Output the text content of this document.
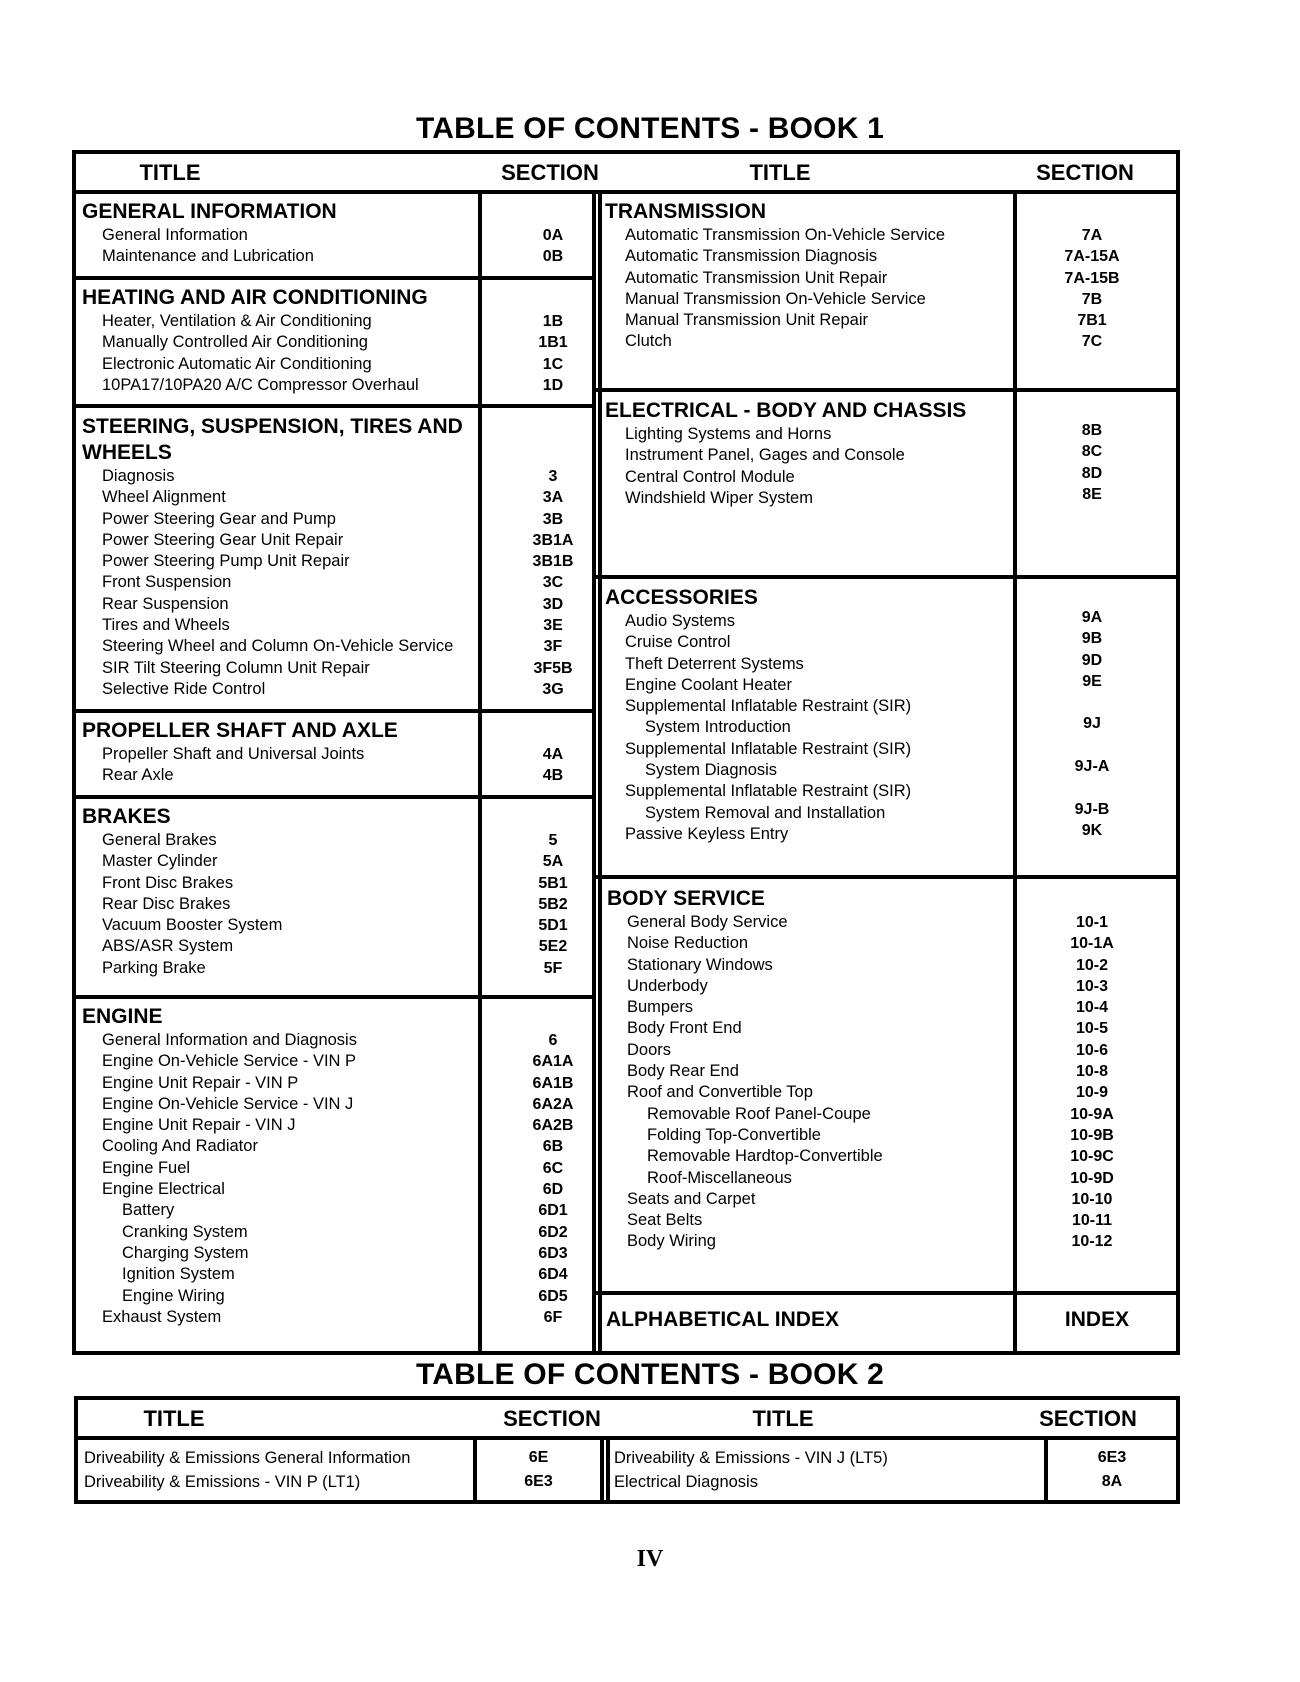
TABLE OF CONTENTS - BOOK 1
TITLE	SECTION	TITLE	SECTION
GENERAL INFORMATION
General Information	0A
Maintenance and Lubrication	0B
HEATING AND AIR CONDITIONING
Heater, Ventilation & Air Conditioning	1B
Manually Controlled Air Conditioning	1B1
Electronic Automatic Air Conditioning	1C
10PA17/10PA20 A/C Compressor Overhaul	1D
STEERING, SUSPENSION, TIRES AND
WHEELS
Diagnosis	3
Wheel Alignment	3A
Power Steering Gear and Pump	3B
Power Steering Gear Unit Repair	3B1A
Power Steering Pump Unit Repair	3B1B
Front Suspension	3C
Rear Suspension	3D
Tires and Wheels	3E
Steering Wheel and Column On-Vehicle Service	3F
SIR Tilt Steering Column Unit Repair	3F5B
Selective Ride Control	3G
PROPELLER SHAFT AND AXLE
Propeller Shaft and Universal Joints	4A
Rear Axle	4B
BRAKES
General Brakes	5
Master Cylinder	5A
Front Disc Brakes	5B1
Rear Disc Brakes	5B2
Vacuum Booster System	5D1
ABS/ASR System	5E2
Parking Brake	5F
ENGINE
General Information and Diagnosis	6
Engine On-Vehicle Service - VIN P	6A1A
Engine Unit Repair - VIN P	6A1B
Engine On-Vehicle Service - VIN J	6A2A
Engine Unit Repair - VIN J	6A2B
Cooling And Radiator	6B
Engine Fuel	6C
Engine Electrical	6D
Battery	6D1
Cranking System	6D2
Charging System	6D3
Ignition System	6D4
Engine Wiring	6D5
Exhaust System	6F
TRANSMISSION
Automatic Transmission On-Vehicle Service	7A
Automatic Transmission Diagnosis	7A-15A
Automatic Transmission Unit Repair	7A-15B
Manual Transmission On-Vehicle Service	7B
Manual Transmission Unit Repair	7B1
Clutch	7C
ELECTRICAL - BODY AND CHASSIS
Lighting Systems and Horns	8B
Instrument Panel, Gages and Console	8C
Central Control Module	8D
Windshield Wiper System	8E
ACCESSORIES
Audio Systems	9A
Cruise Control	9B
Theft Deterrent Systems	9D
Engine Coolant Heater	9E
Supplemental Inflatable Restraint (SIR)
System Introduction	9J
Supplemental Inflatable Restraint (SIR)
System Diagnosis	9J-A
Supplemental Inflatable Restraint (SIR)
System Removal and Installation	9J-B
Passive Keyless Entry	9K
BODY SERVICE
General Body Service	10-1
Noise Reduction	10-1A
Stationary Windows	10-2
Underbody	10-3
Bumpers	10-4
Body Front End	10-5
Doors	10-6
Body Rear End	10-8
Roof and Convertible Top	10-9
Removable Roof Panel-Coupe	10-9A
Folding Top-Convertible	10-9B
Removable Hardtop-Convertible	10-9C
Roof-Miscellaneous	10-9D
Seats and Carpet	10-10
Seat Belts	10-11
Body Wiring	10-12
ALPHABETICAL INDEX	INDEX
TABLE OF CONTENTS - BOOK 2
TITLE	SECTION	TITLE	SECTION
Driveability & Emissions General Information	6E
Driveability & Emissions - VIN P (LT1)	6E3
Driveability & Emissions - VIN J (LT5)	6E3
Electrical Diagnosis	8A
IV
